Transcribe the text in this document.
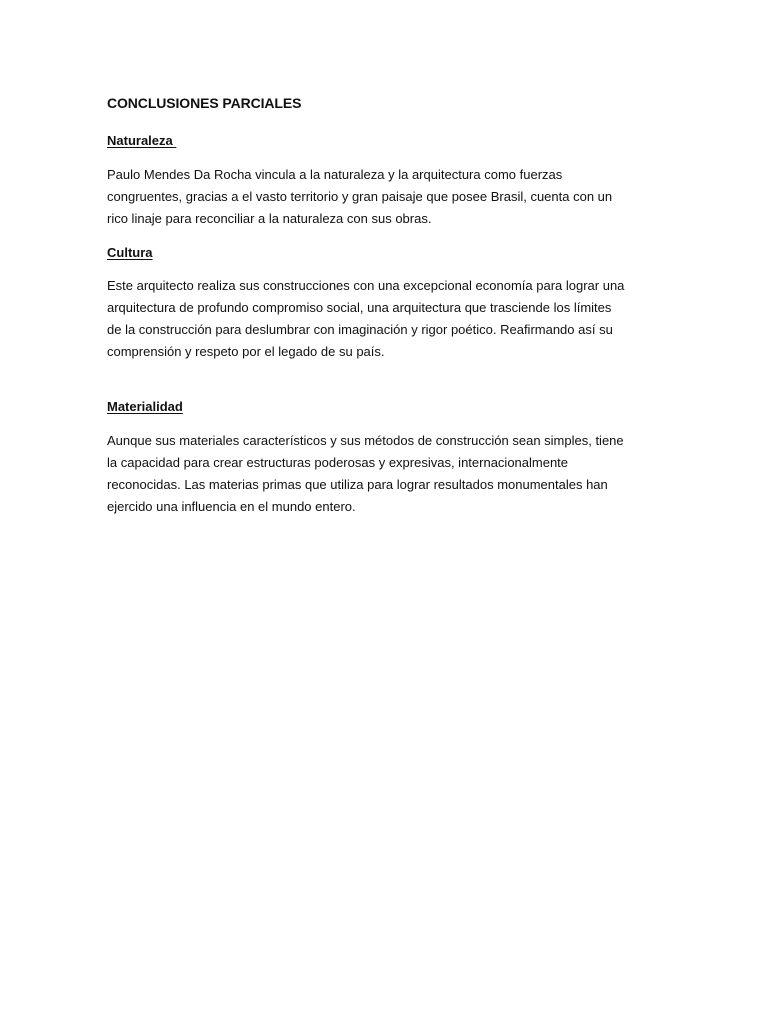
CONCLUSIONES PARCIALES
Naturaleza

Paulo Mendes Da Rocha vincula a la naturaleza y la arquitectura como fuerzas
congruentes, gracias a el vasto territorio y gran paisaje que posee Brasil, cuenta con un
rico linaje para reconciliar a la naturaleza con sus obras.

Cultura

Este arquitecto realiza sus construcciones con una excepcional economía para lograr una
arquitectura de profundo compromiso social, una arquitectura que trasciende los límites
de la construcción para deslumbrar con imaginación y rigor poético. Reafirmando así su
comprensión y respeto por el legado de su país.

Materialidad

Aunque sus materiales característicos y sus métodos de construcción sean simples, tiene
la capacidad para crear estructuras poderosas y expresivas, internacionalmente
reconocidas. Las materias primas que utiliza para lograr resultados monumentales han
ejercido una influencia en el mundo entero.
